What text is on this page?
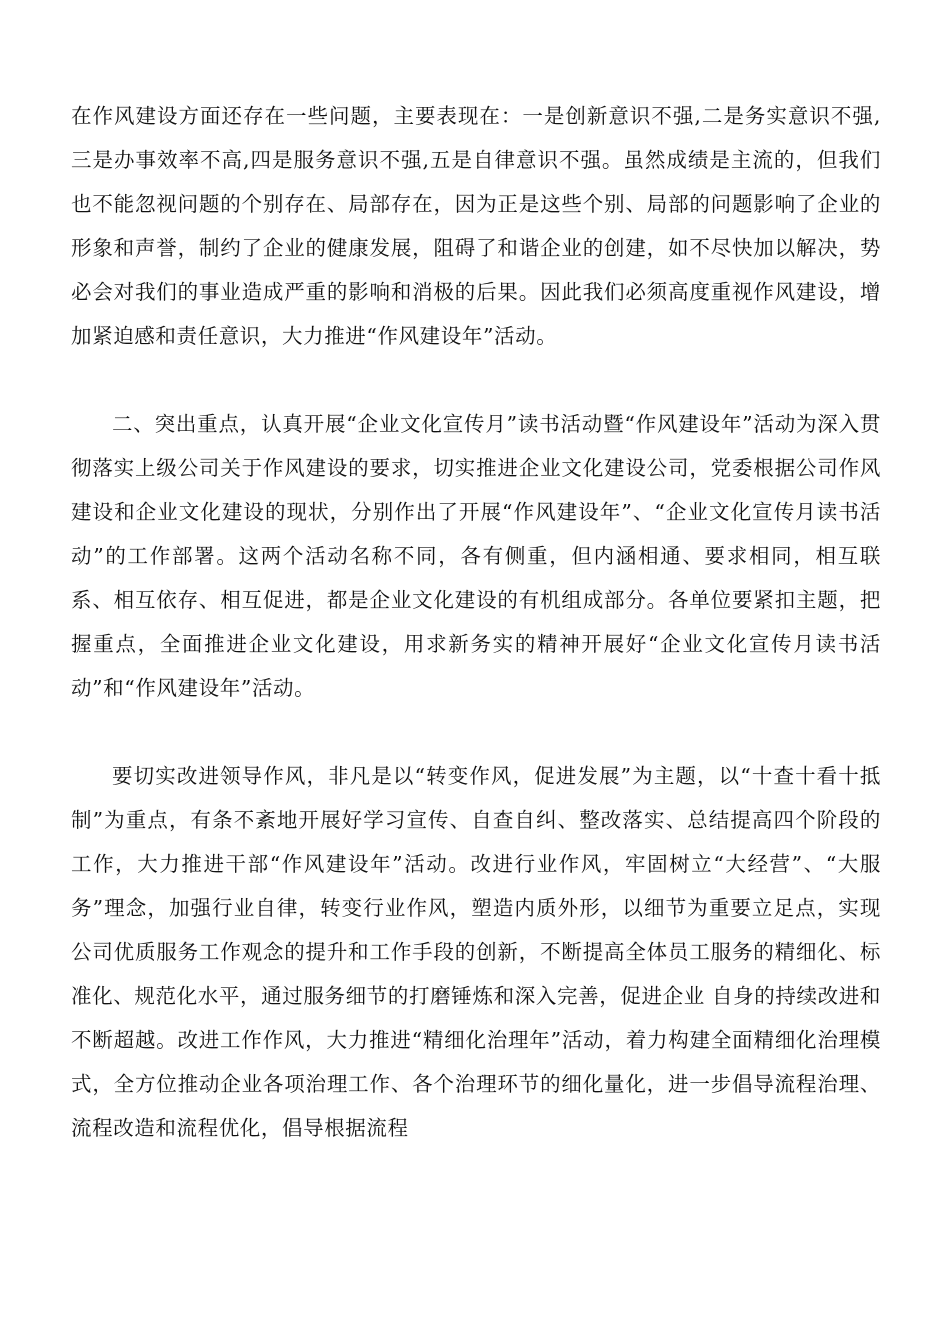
在作风建设方面还存在一些问题，主要表现在：一是创新意识不强,二是务实意识不强,三是办事效率不高,四是服务意识不强,五是自律意识不强。虽然成绩是主流的，但我们也不能忽视问题的个别存在、局部存在，因为正是这些个别、局部的问题影响了企业的形象和声誉，制约了企业的健康发展，阻碍了和谐企业的创建，如不尽快加以解决，势必会对我们的事业造成严重的影响和消极的后果。因此我们必须高度重视作风建设，增加紧迫感和责任意识，大力推进“作风建设年”活动。

二、突出重点，认真开展“企业文化宣传月”读书活动暨“作风建设年”活动为深入贯彻落实上级公司关于作风建设的要求，切实推进企业文化建设公司，党委根据公司作风建设和企业文化建设的现状，分别作出了开展“作风建设年”、“企业文化宣传月读书活动”的工作部署。这两个活动名称不同，各有侧重，但内涵相通、要求相同，相互联系、相互依存、相互促进，都是企业文化建设的有机组成部分。各单位要紧扣主题，把握重点，全面推进企业文化建设，用求新务实的精神开展好“企业文化宣传月读书活动”和“作风建设年”活动。

要切实改进领导作风，非凡是以“转变作风，促进发展”为主题，以“十查十看十抵制”为重点，有条不紊地开展好学习宣传、自查自纠、整改落实、总结提高四个阶段的工作，大力推进干部“作风建设年”活动。改进行业作风，牢固树立“大经营”、“大服务”理念，加强行业自律，转变行业作风，塑造内质外形，以细节为重要立足点，实现公司优质服务工作观念的提升和工作手段的创新，不断提高全体员工服务的精细化、标准化、规范化水平，通过服务细节的打磨锤炼和深入完善，促进企业 自身的持续改进和不断超越。改进工作作风，大力推进“精细化治理年”活动，着力构建全面精细化治理模式，全方位推动企业各项治理工作、各个治理环节的细化量化，进一步倡导流程治理、流程改造和流程优化，倡导根据流程
